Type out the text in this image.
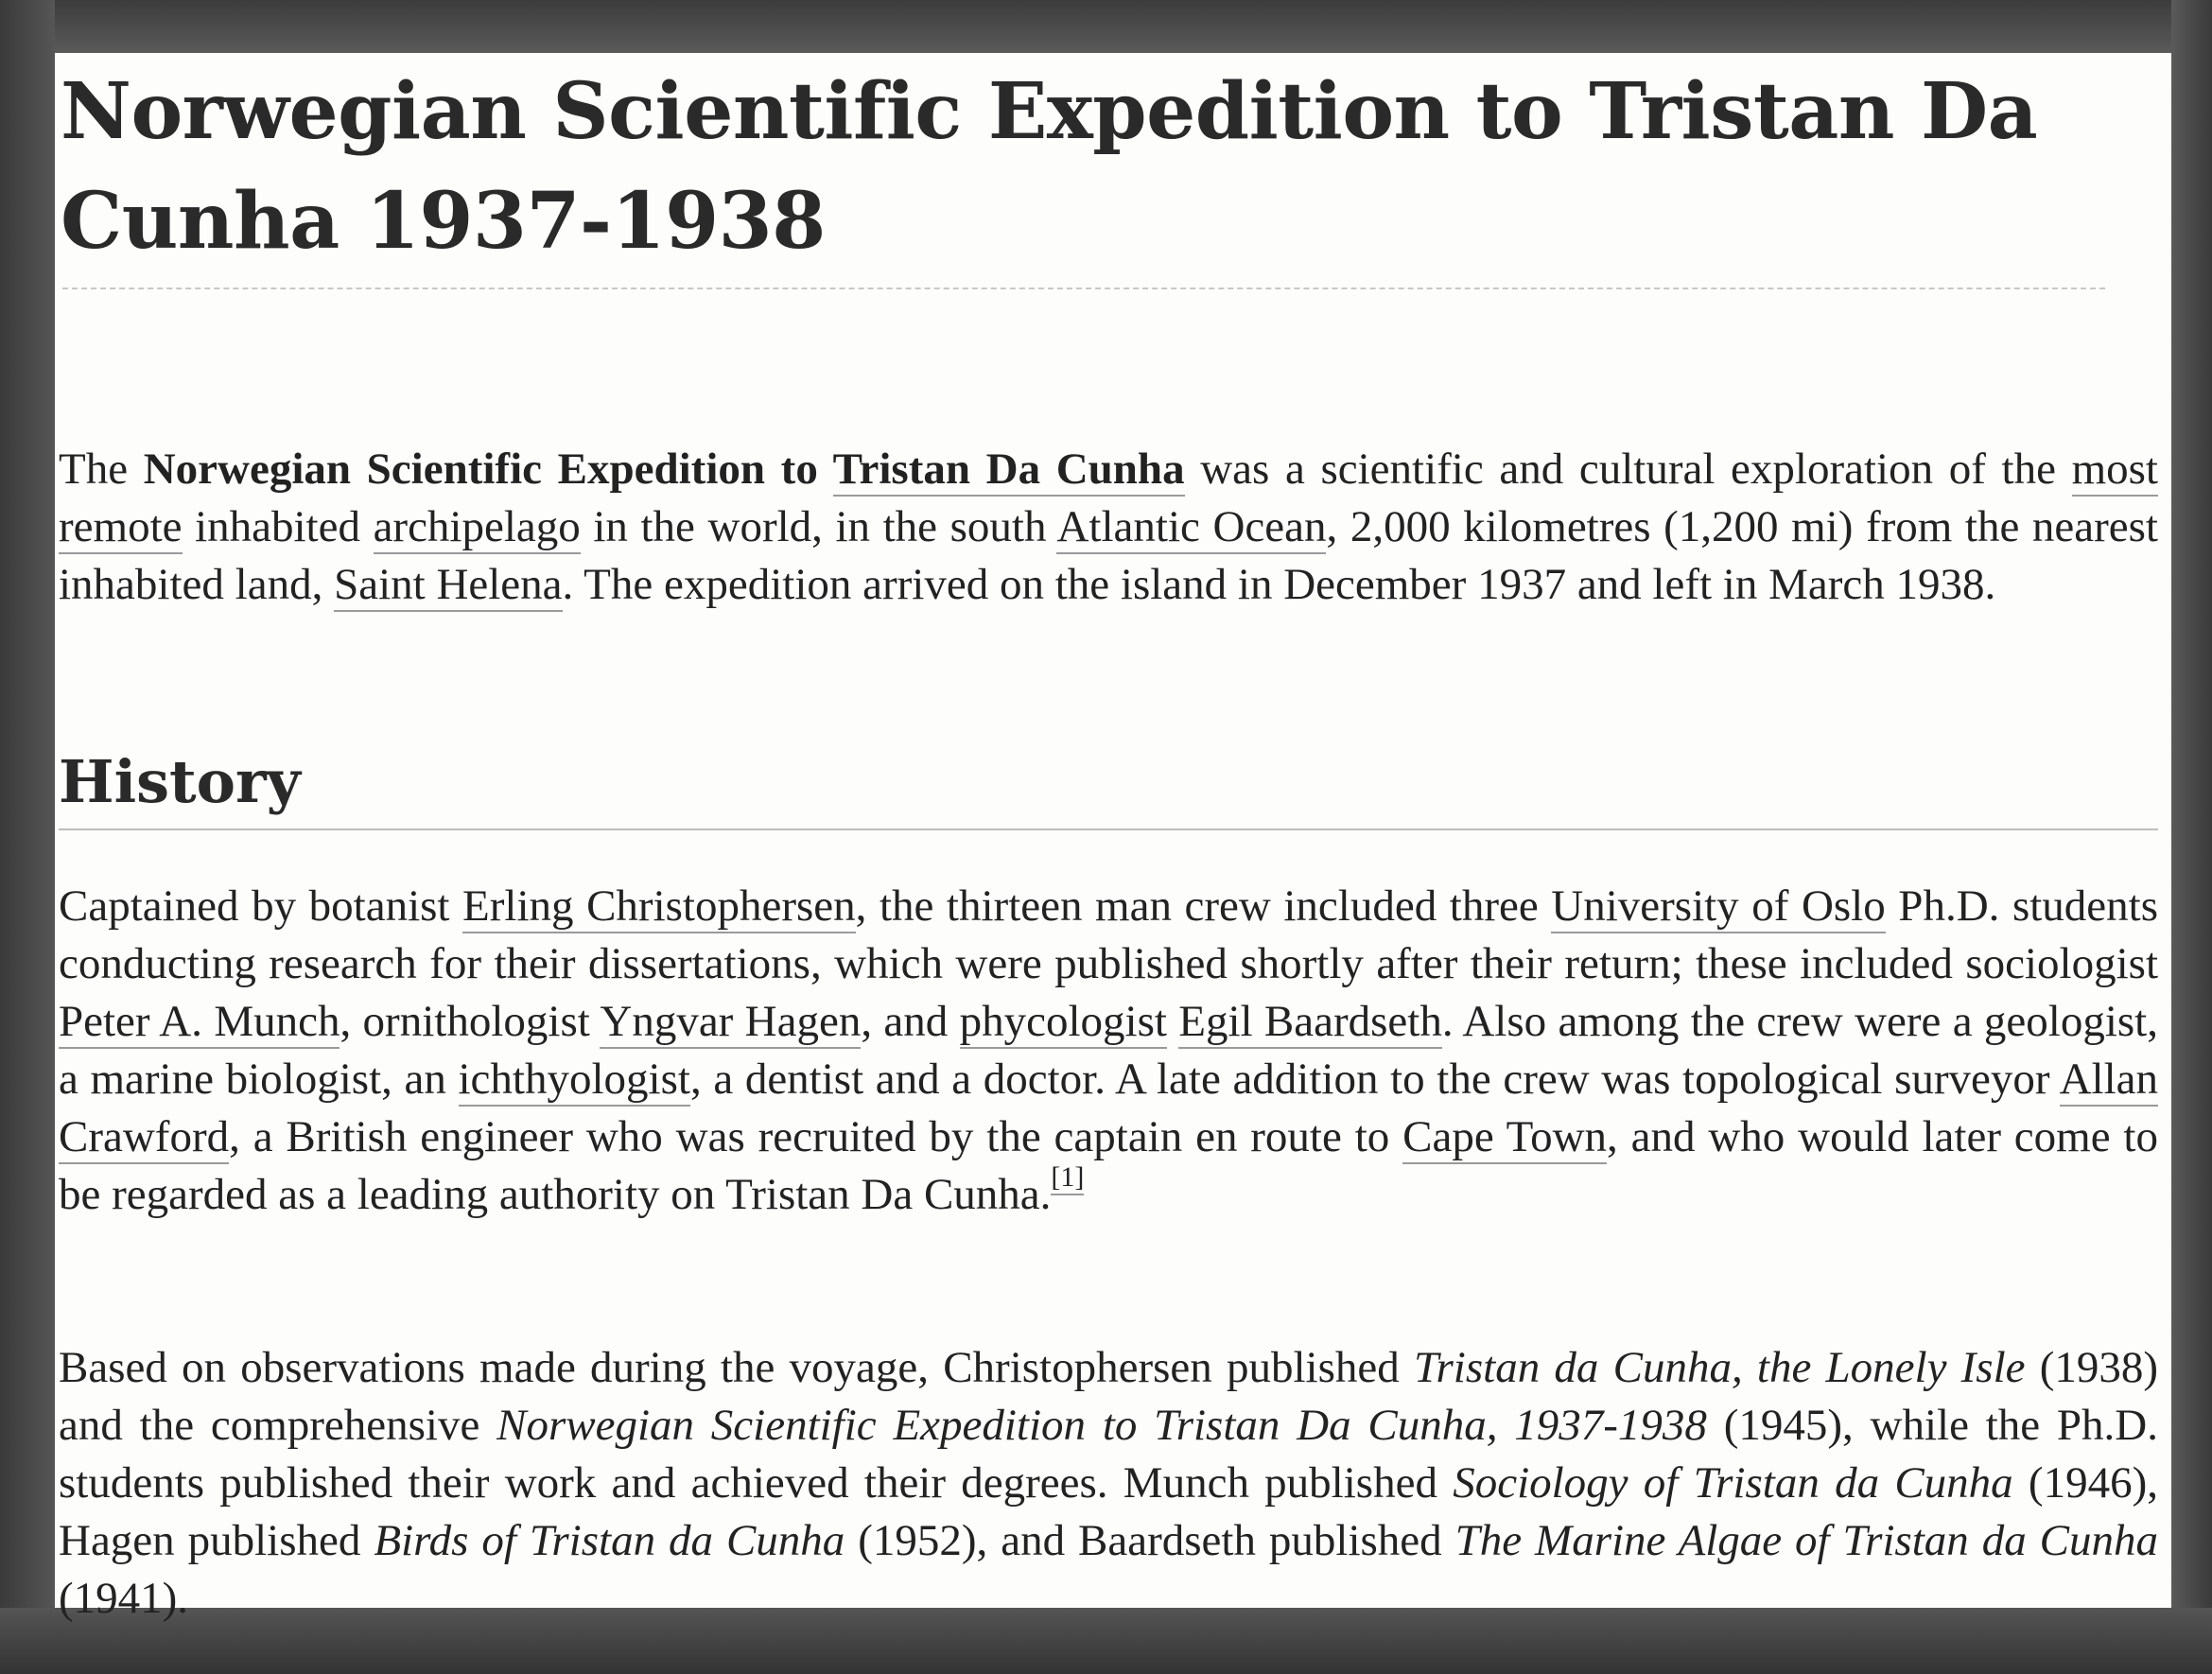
Norwegian Scientific Expedition to Tristan Da Cunha 1937-1938

The Norwegian Scientific Expedition to Tristan Da Cunha was a scientific and cultural exploration of the most remote inhabited archipelago in the world, in the south Atlantic Ocean, 2,000 kilometres (1,200 mi) from the nearest inhabited land, Saint Helena. The expedition arrived on the island in December 1937 and left in March 1938.

History

Captained by botanist Erling Christophersen, the thirteen man crew included three University of Oslo Ph.D. students conducting research for their dissertations, which were published shortly after their return; these included sociologist Peter A. Munch, ornithologist Yngvar Hagen, and phycologist Egil Baardseth. Also among the crew were a geologist, a marine biologist, an ichthyologist, a dentist and a doctor. A late addition to the crew was topological surveyor Allan Crawford, a British engineer who was recruited by the captain en route to Cape Town, and who would later come to be regarded as a leading authority on Tristan Da Cunha.[1]

Based on observations made during the voyage, Christophersen published Tristan da Cunha, the Lonely Isle (1938) and the comprehensive Norwegian Scientific Expedition to Tristan Da Cunha, 1937-1938 (1945), while the Ph.D. students published their work and achieved their degrees. Munch published Sociology of Tristan da Cunha (1946), Hagen published Birds of Tristan da Cunha (1952), and Baardseth published The Marine Algae of Tristan da Cunha (1941).
